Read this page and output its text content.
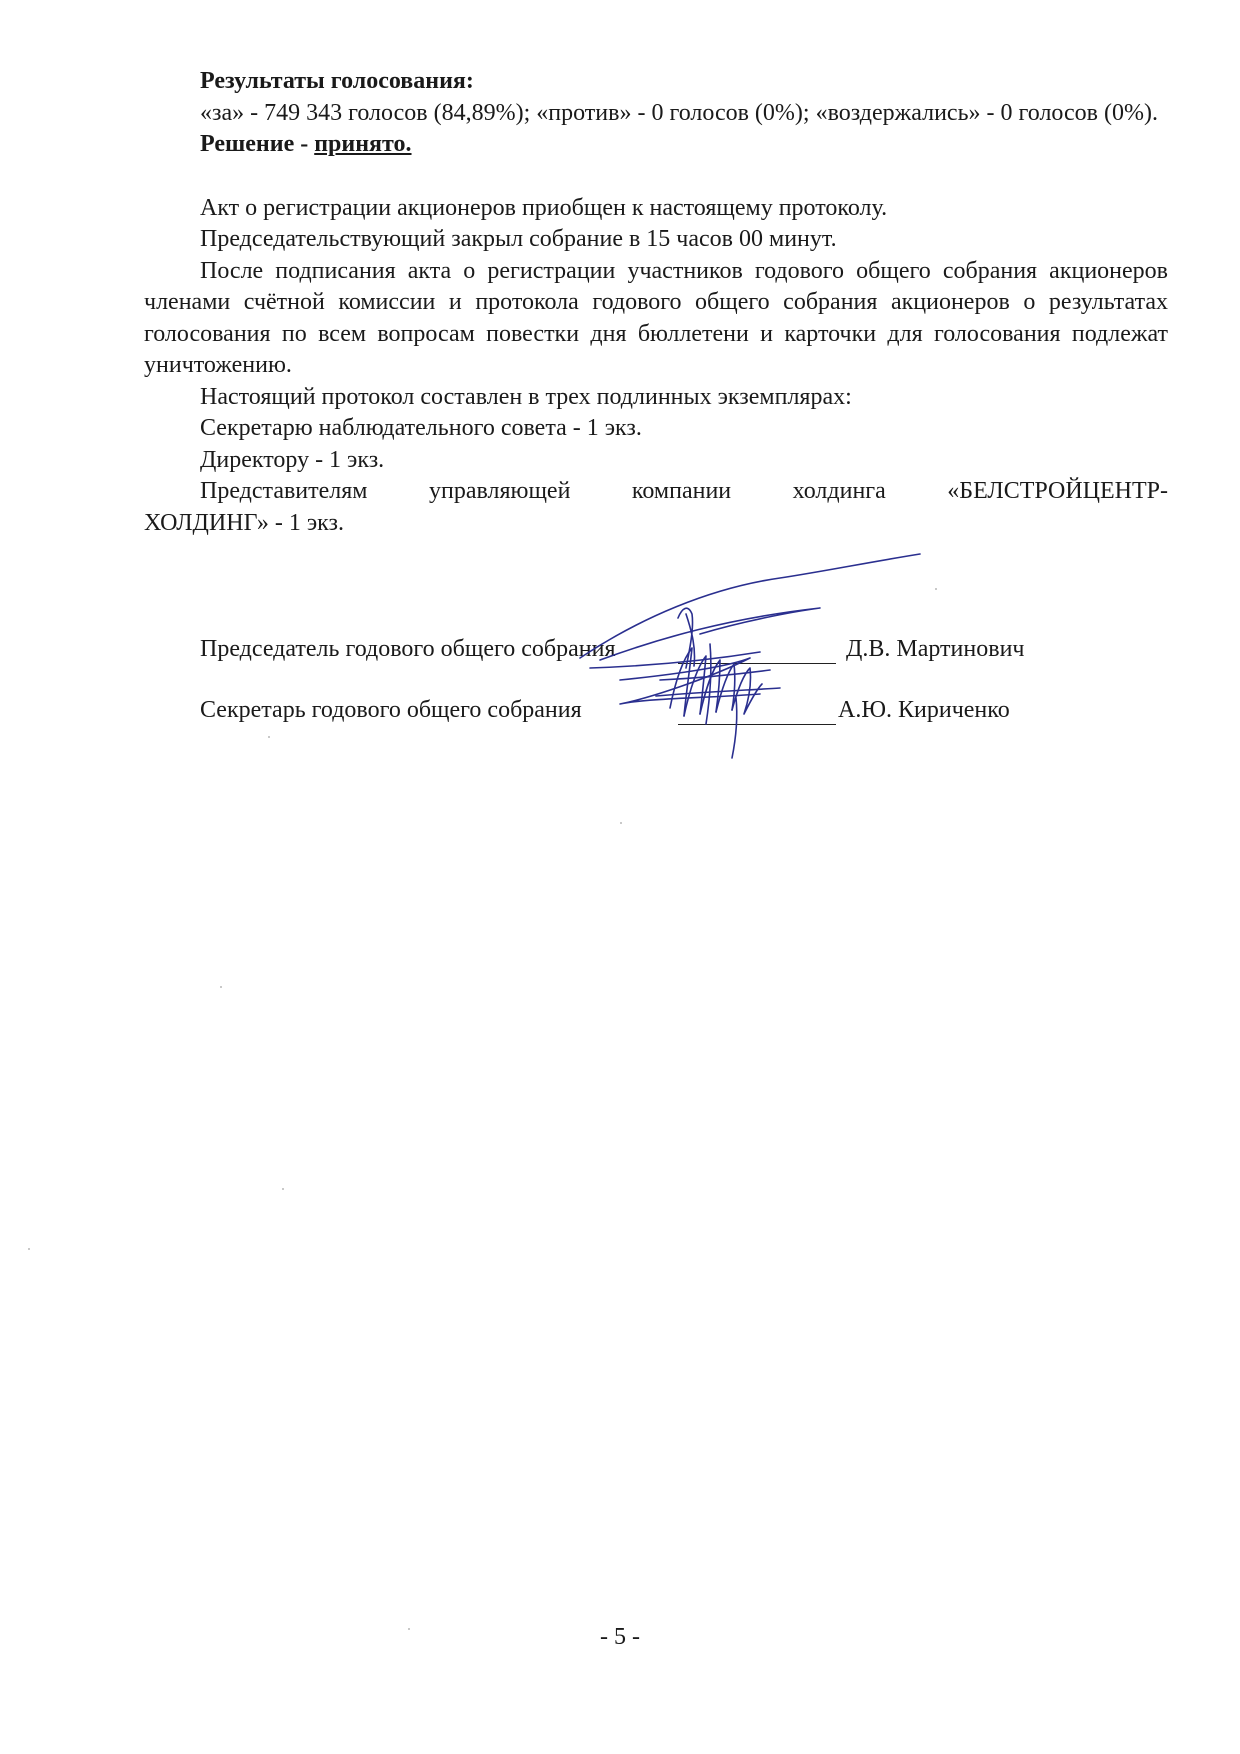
Результаты голосования:

«за» - 749 343 голосов (84,89%); «против» - 0 голосов (0%); «воздержались» - 0 голосов (0%).

Решение - принято.

Акт о регистрации акционеров приобщен к настоящему протоколу.

Председательствующий закрыл собрание в 15 часов 00 минут.

После подписания акта о регистрации участников годового общего собрания акционеров членами счётной комиссии и протокола годового общего собрания акционеров о результатах голосования по всем вопросам повестки дня бюллетени и карточки для голосования подлежат уничтожению.

Настоящий протокол составлен в трех подлинных экземплярах:

Секретарю наблюдательного совета - 1 экз.

Директору - 1 экз.

Представителям управляющей компании холдинга «БЕЛСТРОЙЦЕНТР-

ХОЛДИНГ» - 1 экз.

Председатель годового общего собрания	Д.В. Мартинович
Секретарь годового общего собрания	А.Ю. Кириченко
- 5 -
